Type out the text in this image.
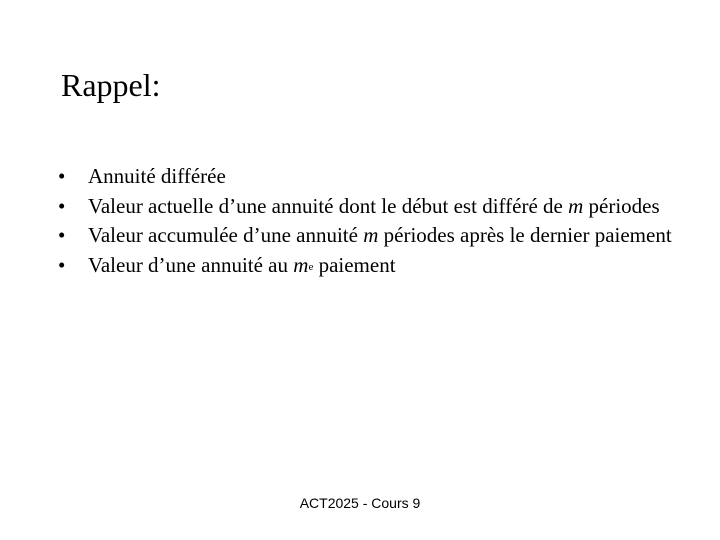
Rappel:
•	Annuité différée
•	Valeur actuelle d’une annuité dont le début est différé de m périodes
•	Valeur accumulée d’une annuité m périodes après le dernier paiement
•	Valeur d’une annuité au $m^e$ paiement
ACT2025 - Cours 9
